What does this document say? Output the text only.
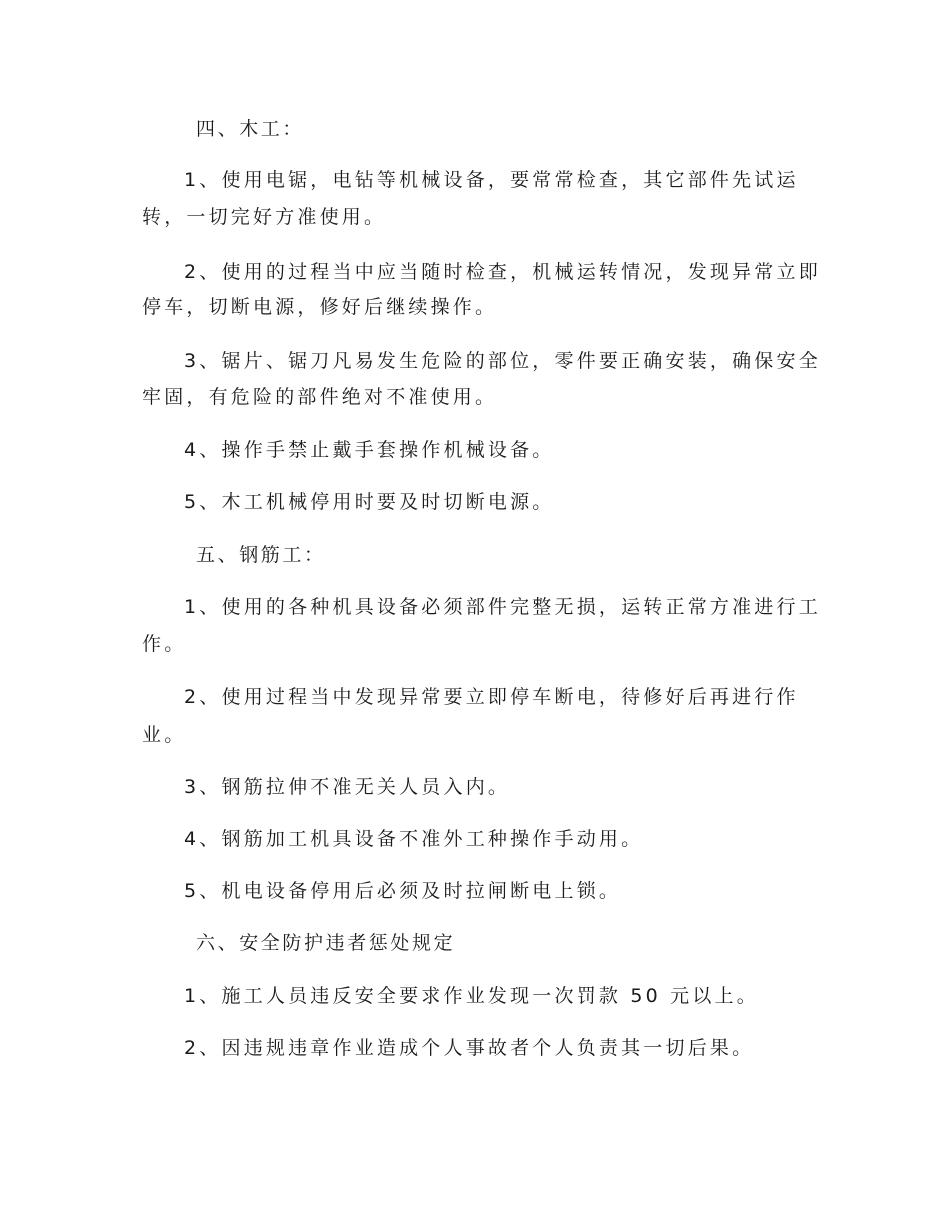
四、木工：
1、使用电锯，电钻等机械设备，要常常检查，其它部件先试运
转，一切完好方准使用。
2、使用的过程当中应当随时检查，机械运转情况，发现异常立即
停车，切断电源，修好后继续操作。
3、锯片、锯刀凡易发生危险的部位，零件要正确安装，确保安全
牢固，有危险的部件绝对不准使用。
4、操作手禁止戴手套操作机械设备。
5、木工机械停用时要及时切断电源。
五、钢筋工：
1、使用的各种机具设备必须部件完整无损，运转正常方准进行工
作。
2、使用过程当中发现异常要立即停车断电，待修好后再进行作
业。
3、钢筋拉伸不准无关人员入内。
4、钢筋加工机具设备不准外工种操作手动用。
5、机电设备停用后必须及时拉闸断电上锁。
六、安全防护违者惩处规定
1、施工人员违反安全要求作业发现一次罚款 50 元以上。
2、因违规违章作业造成个人事故者个人负责其一切后果。
